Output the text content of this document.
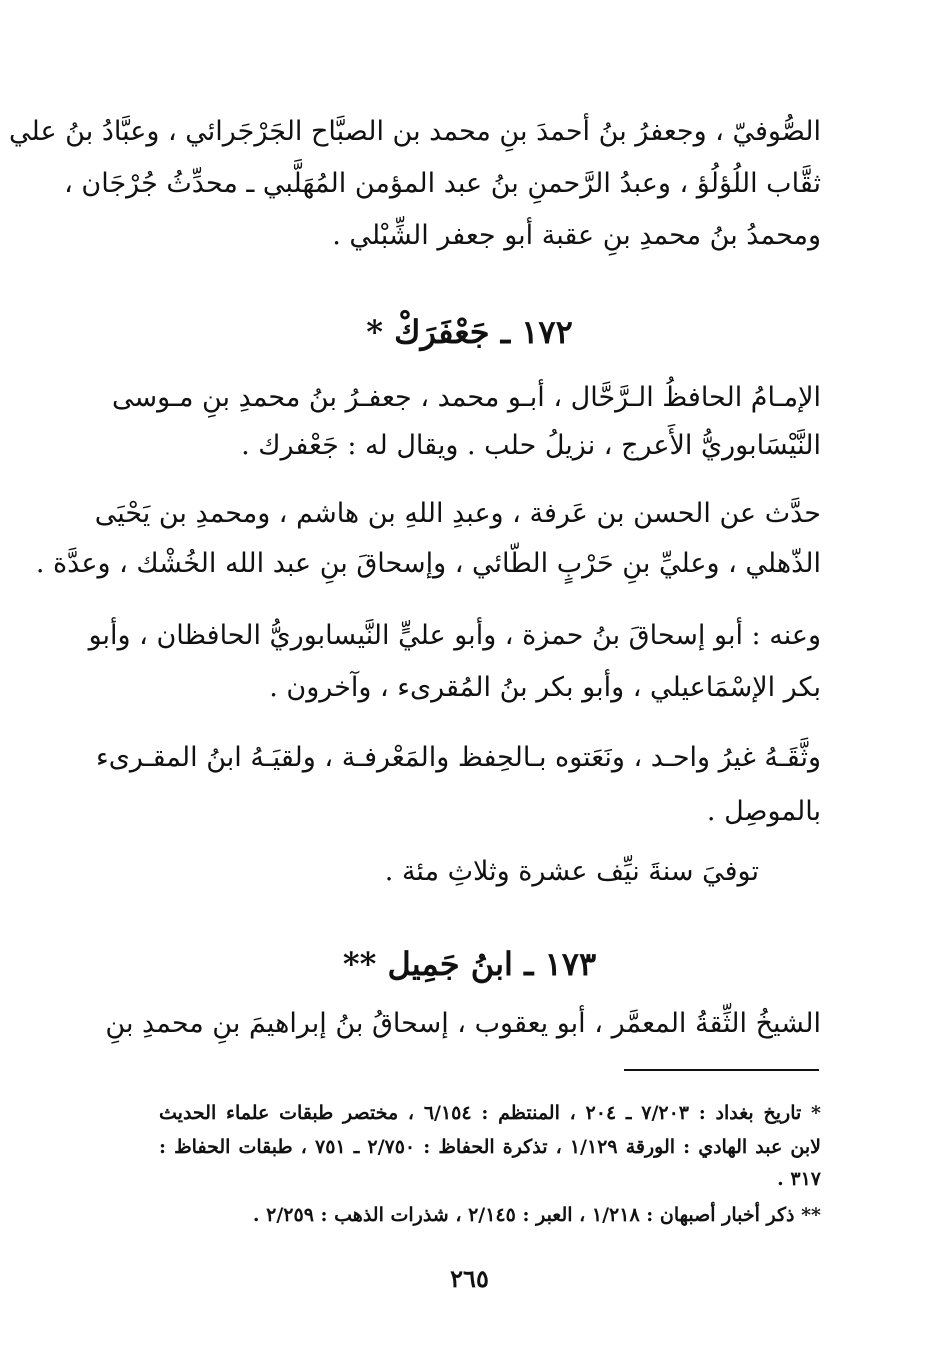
الصُّوفيّ ، وجعفرُ بنُ أحمدَ بنِ محمد بن الصبَّاح الجَرْجَرائي ، وعبَّادُ بنُ علي
ثقَّاب اللُؤلُؤ ، وعبدُ الرَّحمنِ بنُ عبد المؤمن المُهَلَّبي ـ محدِّثُ جُرْجَان ،
ومحمدُ بنُ محمدِ بنِ عقبة أبو جعفر الشِّبْلي .
١٧٢ ـ جَعْفَرَكْ *
الإمـامُ الحافظُ الـرَّحَّال ، أبـو محمد ، جعفـرُ بنُ محمدِ بنِ مـوسى
النَّيْسَابوريُّ الأَعرج ، نزيلُ حلب . ويقال له : جَعْفرك .
حدَّث عن الحسن بن عَرفة ، وعبدِ اللهِ بن هاشم ، ومحمدِ بن يَحْيَى
الذّهلي ، وعليِّ بنِ حَرْبٍ الطّائي ، وإسحاقَ بنِ عبد الله الخُشْك ، وعدَّة .
وعنه : أبو إسحاقَ بنُ حمزة ، وأبو عليٍّ النَّيسابوريُّ الحافظان ، وأبو
بكر الإسْمَاعيلي ، وأبو بكر بنُ المُقرىء ، وآخرون .
وثَّقَـهُ غيرُ واحـد ، ونَعَتوه بـالحِفظ والمَعْرفـة ، ولقيَـهُ ابنُ المقـرىء
بالموصِل .
توفيَ سنةَ نيِّف عشرة وثلاثِ مئة .
١٧٣ ـ ابنُ جَمِيل **
الشيخُ الثِّقةُ المعمَّر ، أبو يعقوب ، إسحاقُ بنُ إبراهيمَ بنِ محمدِ بنِ
* تاريخ بغداد : ٧/٢٠٣ ـ ٢٠٤ ، المنتظم : ٦/١٥٤ ، مختصر طبقات علماء الحديث
لابن عبد الهادي : الورقة ١/١٢٩ ، تذكرة الحفاظ : ٢/٧٥٠ ـ ٧٥١ ، طبقات الحفاظ :
٣١٧ .
** ذكر أخبار أصبهان : ١/٢١٨ ، العبر : ٢/١٤٥ ، شذرات الذهب : ٢/٢٥٩ .
٢٦٥
